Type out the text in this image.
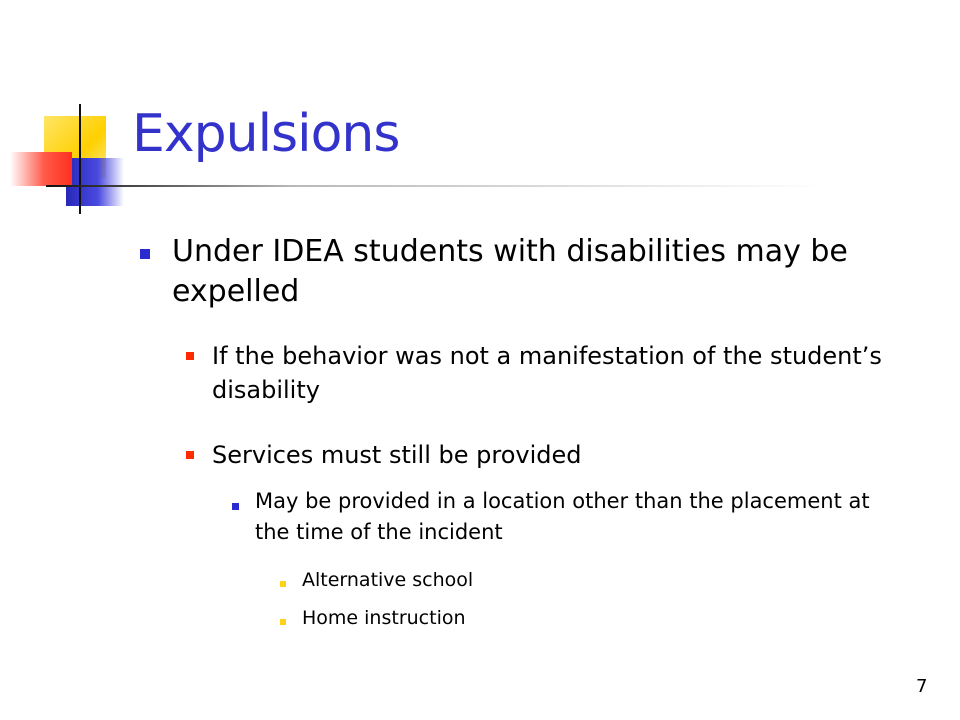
Expulsions
Under IDEA students with disabilities may be expelled
If the behavior was not a manifestation of the student’s disability
Services must still be provided
May be provided in a location other than the placement at the time of the incident
Alternative school
Home instruction
7
